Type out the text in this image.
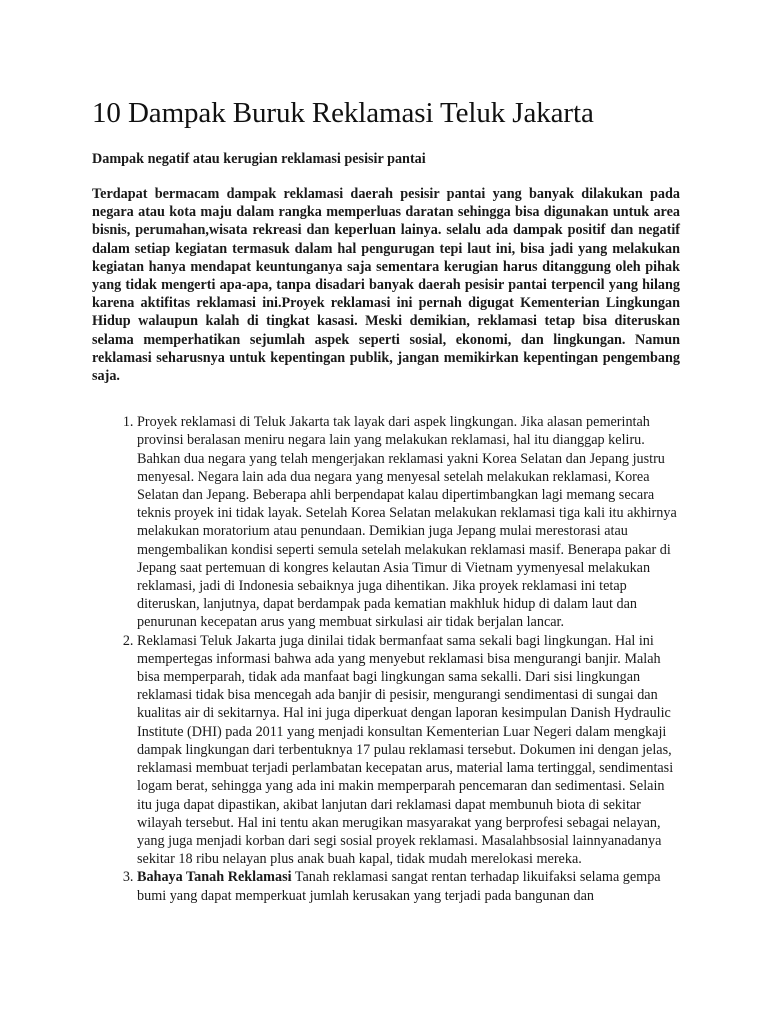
10 Dampak Buruk Reklamasi Teluk Jakarta

Dampak negatif atau kerugian reklamasi pesisir pantai

Terdapat bermacam dampak reklamasi daerah pesisir pantai yang banyak dilakukan pada negara atau kota maju dalam rangka memperluas daratan sehingga bisa digunakan untuk area bisnis, perumahan,wisata rekreasi dan keperluan lainya. selalu ada dampak positif dan negatif dalam setiap kegiatan termasuk dalam hal pengurugan tepi laut ini, bisa jadi yang melakukan kegiatan hanya mendapat keuntunganya saja sementara kerugian harus ditanggung oleh pihak yang tidak mengerti apa-apa, tanpa disadari banyak daerah pesisir pantai terpencil yang hilang karena aktifitas reklamasi ini.Proyek reklamasi ini pernah digugat Kementerian Lingkungan Hidup walaupun kalah di tingkat kasasi. Meski demikian, reklamasi tetap bisa diteruskan selama memperhatikan sejumlah aspek seperti sosial, ekonomi, dan lingkungan. Namun reklamasi seharusnya untuk kepentingan publik, jangan memikirkan kepentingan pengembang saja.

1. Proyek reklamasi di Teluk Jakarta tak layak dari aspek lingkungan. Jika alasan pemerintah provinsi beralasan meniru negara lain yang melakukan reklamasi, hal itu dianggap keliru. Bahkan dua negara yang telah mengerjakan reklamasi yakni Korea Selatan dan Jepang justru menyesal. Negara lain ada dua negara yang menyesal setelah melakukan reklamasi, Korea Selatan dan Jepang. Beberapa ahli berpendapat kalau dipertimbangkan lagi memang secara teknis proyek ini tidak layak. Setelah Korea Selatan melakukan reklamasi tiga kali itu akhirnya melakukan moratorium atau penundaan. Demikian juga Jepang mulai merestorasi atau mengembalikan kondisi seperti semula setelah melakukan reklamasi masif. Benerapa pakar di Jepang saat pertemuan di kongres kelautan Asia Timur di Vietnam yymenyesal melakukan reklamasi, jadi di Indonesia sebaiknya juga dihentikan. Jika proyek reklamasi ini tetap diteruskan, lanjutnya, dapat berdampak pada kematian makhluk hidup di dalam laut dan penurunan kecepatan arus yang membuat sirkulasi air tidak berjalan lancar.
2. Reklamasi Teluk Jakarta juga dinilai tidak bermanfaat sama sekali bagi lingkungan. Hal ini mempertegas informasi bahwa ada yang menyebut reklamasi bisa mengurangi banjir. Malah bisa memperparah, tidak ada manfaat bagi lingkungan sama sekalli. Dari sisi lingkungan reklamasi tidak bisa mencegah ada banjir di pesisir, mengurangi sendimentasi di sungai dan kualitas air di sekitarnya. Hal ini juga diperkuat dengan laporan kesimpulan Danish Hydraulic Institute (DHI) pada 2011 yang menjadi konsultan Kementerian Luar Negeri dalam mengkaji dampak lingkungan dari terbentuknya 17 pulau reklamasi tersebut. Dokumen ini dengan jelas, reklamasi membuat terjadi perlambatan kecepatan arus, material lama tertinggal, sendimentasi logam berat, sehingga yang ada ini makin memperparah pencemaran dan sedimentasi. Selain itu juga dapat dipastikan, akibat lanjutan dari reklamasi dapat membunuh biota di sekitar wilayah tersebut. Hal ini tentu akan merugikan masyarakat yang berprofesi sebagai nelayan, yang juga menjadi korban dari segi sosial proyek reklamasi. Masalahbsosial lainnyanadanya sekitar 18 ribu nelayan plus anak buah kapal, tidak mudah merelokasi mereka.
3. Bahaya Tanah Reklamasi Tanah reklamasi sangat rentan terhadap likuifaksi selama gempa bumi yang dapat memperkuat jumlah kerusakan yang terjadi pada bangunan dan
